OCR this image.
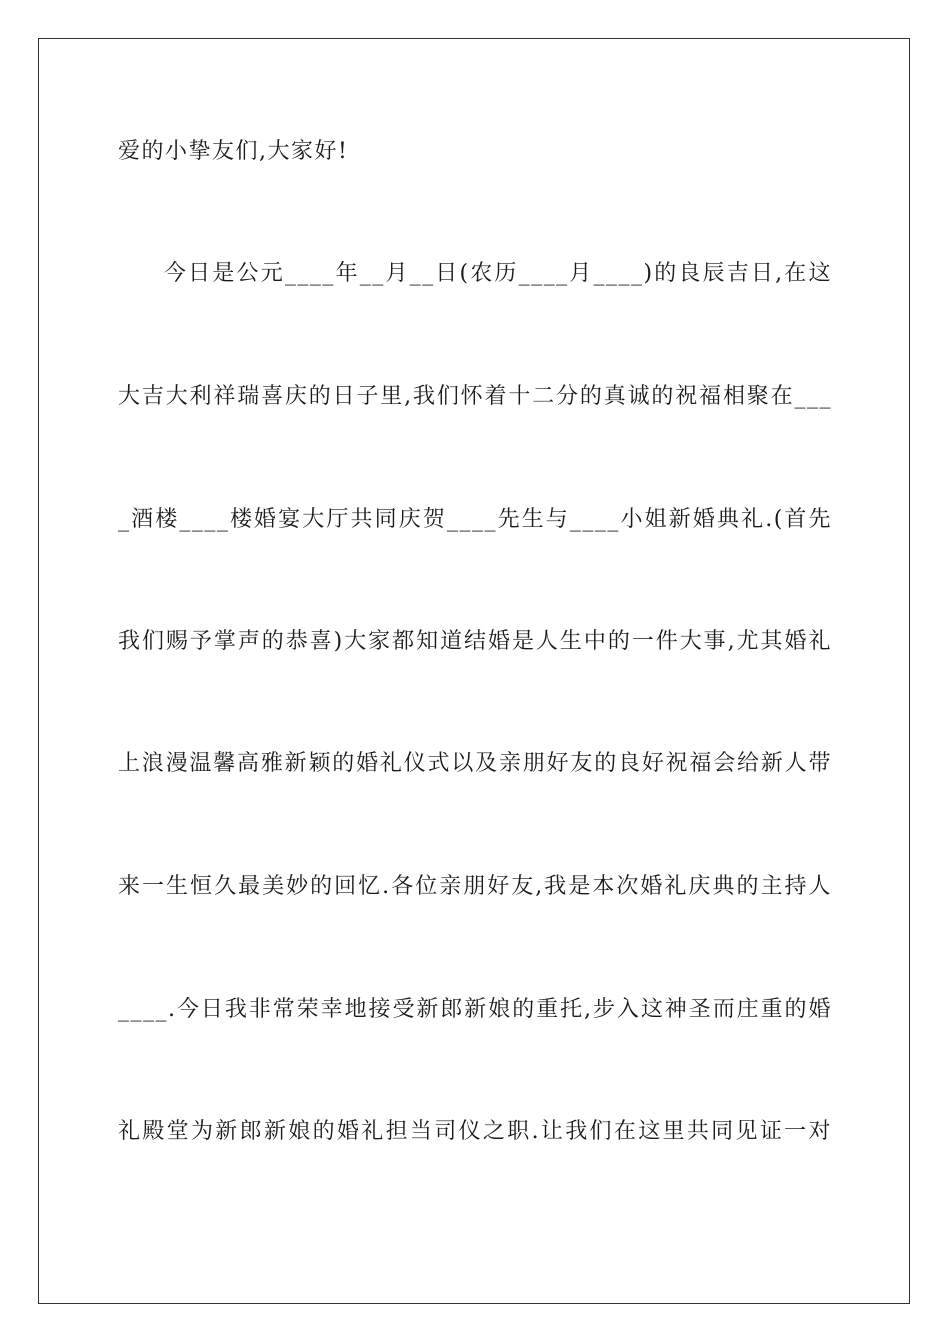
爱的小挚友们,大家好!
今日是公元____年__月__日(农历____月____)的良辰吉日,在这
大吉大利祥瑞喜庆的日子里,我们怀着十二分的真诚的祝福相聚在___
_酒楼____楼婚宴大厅共同庆贺____先生与____小姐新婚典礼.(首先
我们赐予掌声的恭喜)大家都知道结婚是人生中的一件大事,尤其婚礼
上浪漫温馨高雅新颖的婚礼仪式以及亲朋好友的良好祝福会给新人带
来一生恒久最美妙的回忆.各位亲朋好友,我是本次婚礼庆典的主持人
____.今日我非常荣幸地接受新郎新娘的重托,步入这神圣而庄重的婚
礼殿堂为新郎新娘的婚礼担当司仪之职.让我们在这里共同见证一对
